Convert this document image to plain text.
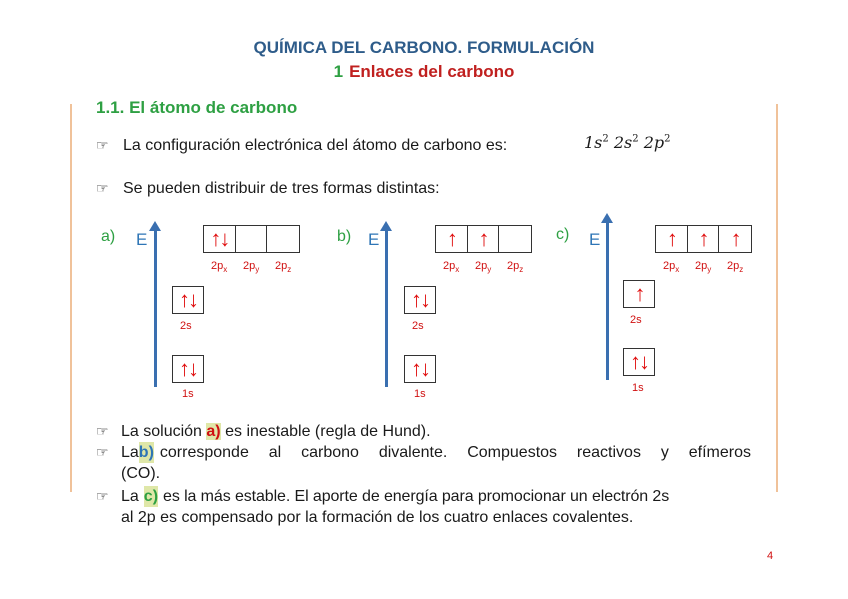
QUÍMICA DEL CARBONO. FORMULACIÓN
1 Enlaces del carbono
1.1. El átomo de carbono
☞ La configuración electrónica del átomo de carbono es:	$1s^2$ $2s^2$ $2p^2$
☞ Se pueden distribuir de tres formas distintas:
a) E	↑↓
$2p_x$ $2p_y$ $2p_z$
↑↓
2s
↑↓
1s
b) E	↑	↑
$2p_x$ $2p_y$ $2p_z$
↑↓
2s
↑↓
1s
c) E	↑	↑	↑
$2p_x$ $2p_y$ $2p_z$
↑
2s
↑↓
1s
☞ La solución a) es inestable (regla de Hund).
☞ La b) corresponde al carbono divalente. Compuestos reactivos y efímeros
(CO).
☞ La c) es la más estable. El aporte de energía para promocionar un electrón 2s
al 2p es compensado por la formación de los cuatro enlaces covalentes.
4
